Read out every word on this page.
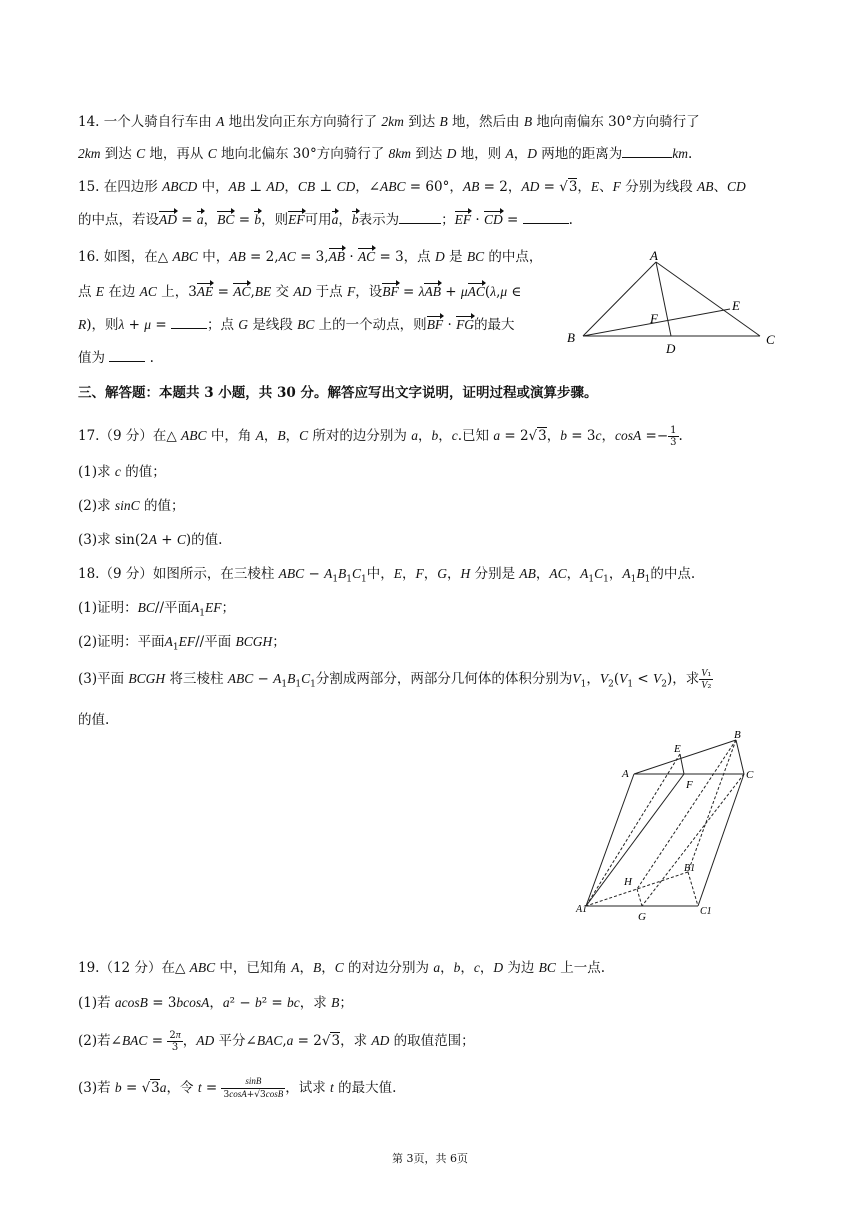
14. 一个人骑自行车由 A 地出发向正东方向骑行了 2km 到达 B 地，然后由 B 地向南偏东 30°方向骑行了
2km 到达 C 地，再从 C 地向北偏东 30°方向骑行了 8km 到达 D 地，则 A，D 两地的距离为	km.
15. 在四边形 ABCD 中，AB ⊥ AD，CB ⊥ CD，∠ABC = 60°，AB = 2，AD = √3，E、F 分别为线段 AB、CD
的中点，若设AD = a，BC = b，则EF可用a，b表示为	；EF · CD =	.
16. 如图，在△ ABC 中，AB = 2,AC = 3,AB · AC = 3，点 D 是 BC 的中点，
点 E 在边 AC 上，3AE = AC,BE 交 AD 于点 F，设BF = λAB + μAC(λ,μ ∈
R)，则λ + μ =	；点 G 是线段 BC 上的一个动点，则BF · FG的最大
值为	.
A
B	C
D
E
F
三、解答题：本题共 3 小题，共 30 分。解答应写出文字说明，证明过程或演算步骤。
17.（9 分）在△ ABC 中，角 A，B，C 所对的边分别为 a，b，c.已知 a = 2√3，b = 3c，$\cos A =- \frac{1}{3}$ .
(1)求 c 的值；
(2)求 sinC 的值；
(3)求 sin(2A + C)的值.
18.（9 分）如图所示，在三棱柱 ABC − $A_1B_1C_1$中，E，F，G，H 分别是 AB，AC，$A_1C_1$，$A_1B_1$的中点.
(1)证明：BC//平面$A_1EF$；
(2)证明：平面$A_1EF//$平面 BCGH；
(3)平面 BCGH 将三棱柱 ABC − $A_1B_1C_1$分割成两部分，两部分几何体的体积分别为$V_1$，$V_2(V_1 < V_2)$，求 $\frac{\text{V₁}}{\text{V₂}}$
的值.
E
B
A
F
C
B1
H
A1
G	C1
19.（12 分）在△ ABC 中，已知角 A，B，C 的对边分别为 a，b，c，D 为边 BC 上一点.
(1)若 acosB = 3bcosA，a² − b² = bc，求 B；
(2)若∠BAC = $\frac{2\pi}{3}$ ，AD 平分∠BAC,a = 2√3，求 AD 的取值范围；
(3)若 b = √3a，令 $t = \frac{\sin B}{3\cos A+√3\cos B}$ ，试求 t 的最大值.
第 3页，共 6页
